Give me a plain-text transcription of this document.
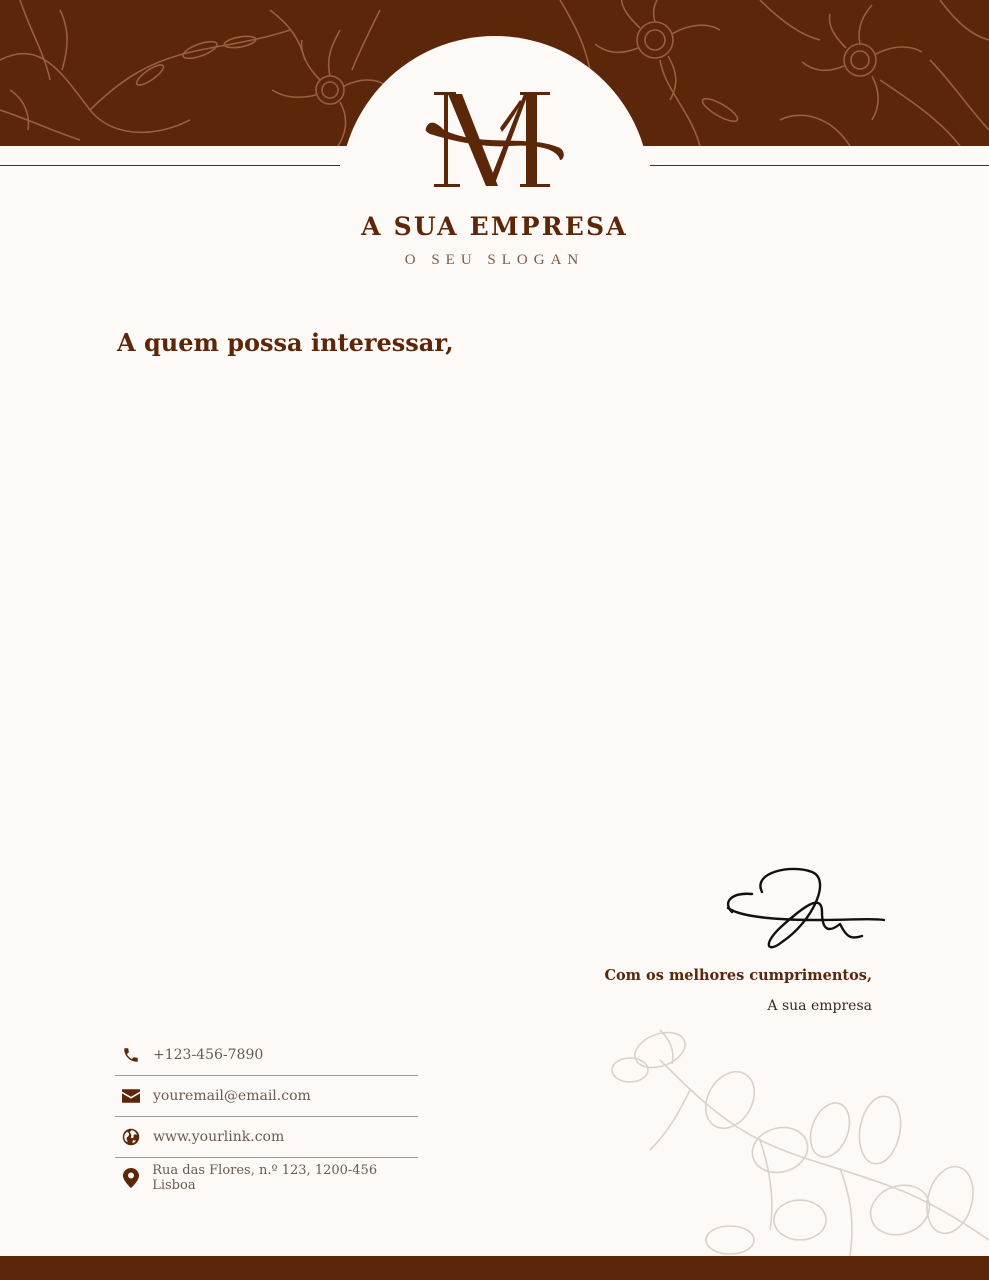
A SUA EMPRESA
O SEU SLOGAN
A quem possa interessar,
Com os melhores cumprimentos,
A sua empresa
+123-456-7890
youremail@email.com
www.yourlink.com
Rua das Flores, n.º 123, 1200-456 Lisboa
